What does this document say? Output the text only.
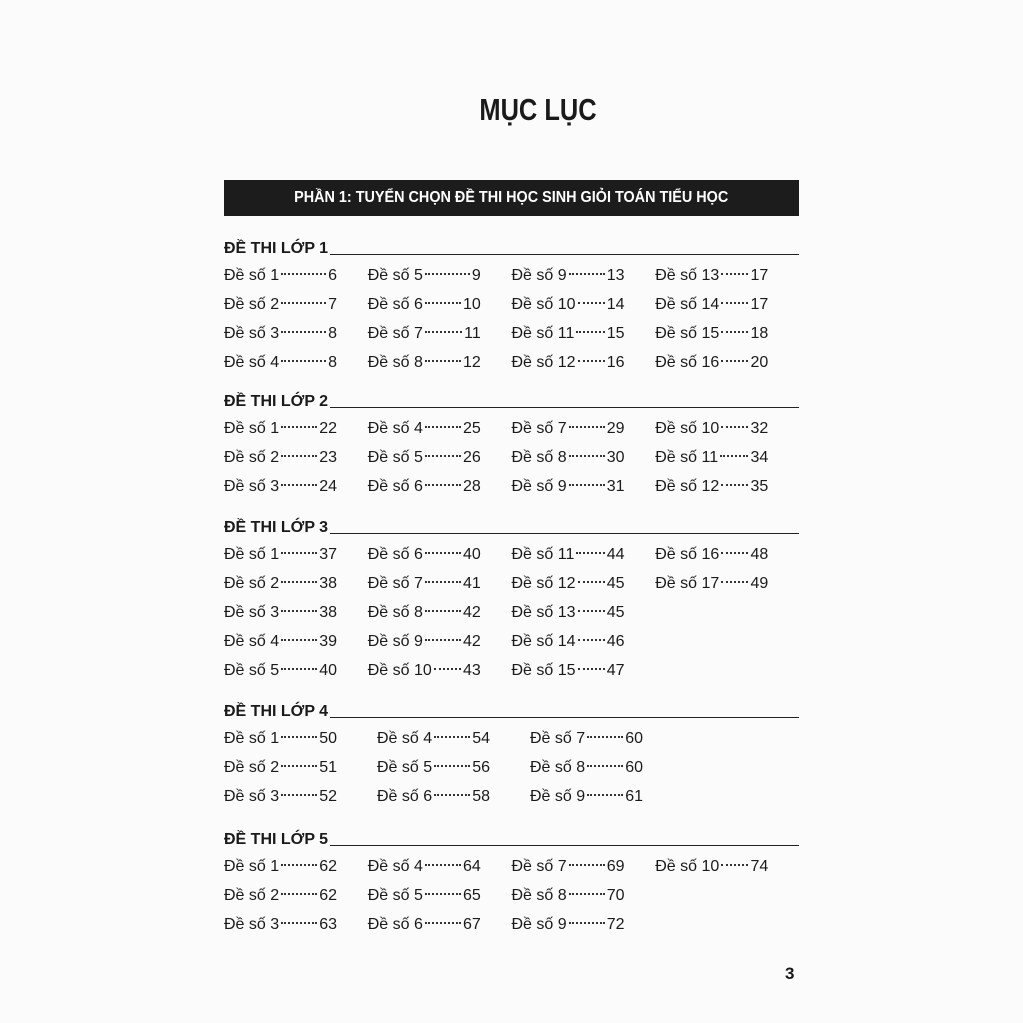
MỤC LỤC
PHẦN 1: TUYỂN CHỌN ĐỀ THI HỌC SINH GIỎI TOÁN TIỂU HỌC
ĐỀ THI LỚP 1
Đề số 1	6
Đề số 2	7
Đề số 3	8
Đề số 4	8
Đề số 5	9
Đề số 6	10
Đề số 7	11
Đề số 8	12
Đề số 9	13
Đề số 10 14
Đề số 11 15
Đề số 12 16
Đề số 13 17
Đề số 14 17
Đề số 15 18
Đề số 16 20
ĐỀ THI LỚP 2
Đề số 1	22
Đề số 2	23
Đề số 3	24
Đề số 4	25
Đề số 5	26
Đề số 6	28
Đề số 7	29
Đề số 8	30
Đề số 9	31
Đề số 10 32
Đề số 11 34
Đề số 12 35
ĐỀ THI LỚP 3
Đề số 1	37
Đề số 2	38
Đề số 3	38
Đề số 4	39
Đề số 5	40
Đề số 6	40
Đề số 7	41
Đề số 8	42
Đề số 9	42
Đề số 10 43
Đề số 11 44
Đề số 12 45
Đề số 13 45
Đề số 14 46
Đề số 15 47
Đề số 16 48
Đề số 17 49
ĐỀ THI LỚP 4
Đề số 1	50
Đề số 2	51
Đề số 3	52
Đề số 4	54
Đề số 5	56
Đề số 6	58
Đề số 7	60
Đề số 8	60
Đề số 9	61
ĐỀ THI LỚP 5
Đề số 1	62
Đề số 2	62
Đề số 3	63
Đề số 4	64
Đề số 5	65
Đề số 6	67
Đề số 7	69
Đề số 8	70
Đề số 9	72
Đề số 10 74
3
